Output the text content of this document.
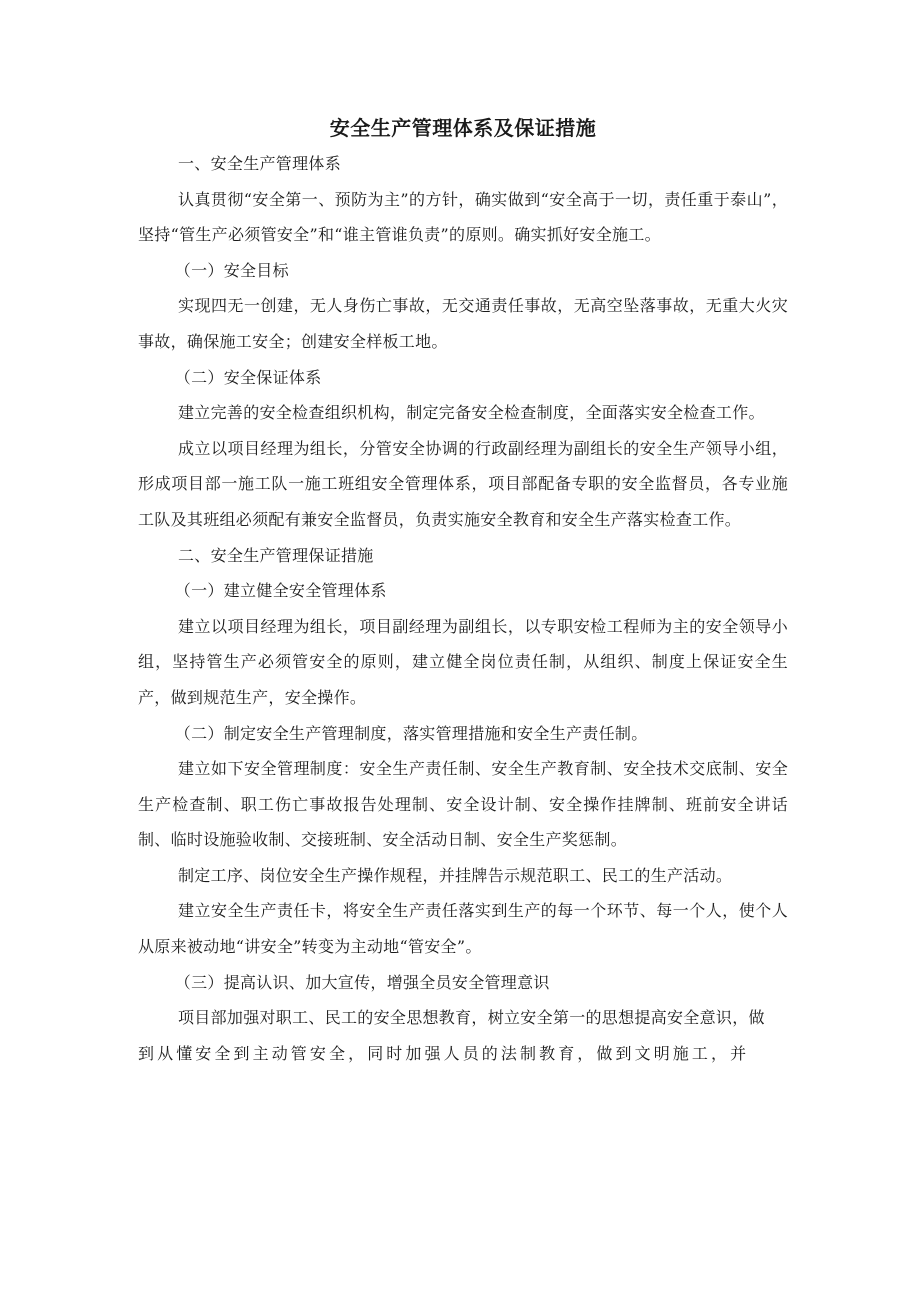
安全生产管理体系及保证措施

一、安全生产管理体系

认真贯彻“安全第一、预防为主”的方针，确实做到“安全高于一切，责任重于泰山”，坚持“管生产必须管安全”和“谁主管谁负责”的原则。确实抓好安全施工。

（一）安全目标

实现四无一创建，无人身伤亡事故，无交通责任事故，无高空坠落事故，无重大火灾事故，确保施工安全；创建安全样板工地。

（二）安全保证体系

建立完善的安全检查组织机构，制定完备安全检查制度，全面落实安全检查工作。

成立以项目经理为组长，分管安全协调的行政副经理为副组长的安全生产领导小组，形成项目部一施工队一施工班组安全管理体系，项目部配备专职的安全监督员，各专业施工队及其班组必须配有兼安全监督员，负责实施安全教育和安全生产落实检查工作。

二、安全生产管理保证措施

（一）建立健全安全管理体系

建立以项目经理为组长，项目副经理为副组长，以专职安检工程师为主的安全领导小组，坚持管生产必须管安全的原则，建立健全岗位责任制，从组织、制度上保证安全生产，做到规范生产，安全操作。

（二）制定安全生产管理制度，落实管理措施和安全生产责任制。

建立如下安全管理制度：安全生产责任制、安全生产教育制、安全技术交底制、安全生产检查制、职工伤亡事故报告处理制、安全设计制、安全操作挂牌制、班前安全讲话制、临时设施验收制、交接班制、安全活动日制、安全生产奖惩制。

制定工序、岗位安全生产操作规程，并挂牌告示规范职工、民工的生产活动。

建立安全生产责任卡，将安全生产责任落实到生产的每一个环节、每一个人，使个人从原来被动地“讲安全”转变为主动地“管安全”。

（三）提高认识、加大宣传，增强全员安全管理意识

项目部加强对职工、民工的安全思想教育，树立安全第一的思想提高安全意识，做

到从懂安全到主动管安全，同时加强人员的法制教育，做到文明施工，并
